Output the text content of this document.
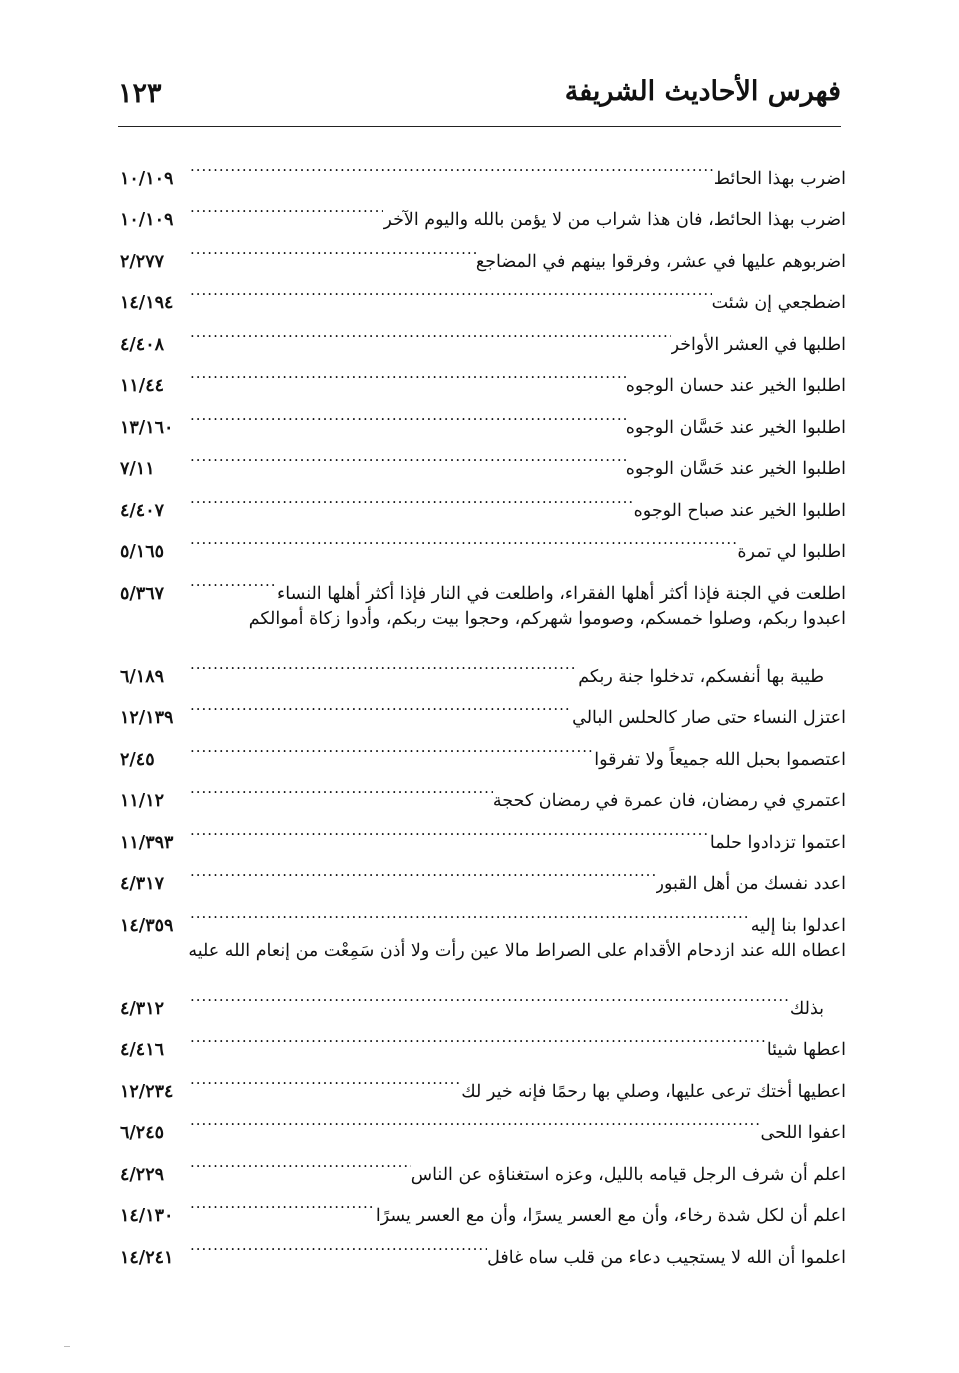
فهرس الأحاديث الشريفة
١٢٣
اضرب بهذا الحائط
.....
١٠/١٠٩
اضرب بهذا الحائط، فان هذا شراب من لا يؤمن بالله واليوم الآخر
.....
١٠/١٠٩
اضربوهم عليها في عشر، وفرقوا بينهم في المضاجع
.....
٢/٢٧٧
اضطجعي إن شئت
.....
١٤/١٩٤
اطلبها في العشر الأواخر
.....
٤/٤٠٨
اطلبوا الخير عند حسان الوجوه
.....
١١/٤٤
اطلبوا الخير عند حَسَّان الوجوه
.....
١٣/١٦٠
اطلبوا الخير عند حَسَّان الوجوه
.....
٧/١١
اطلبوا الخير عند صباح الوجوه
.....
٤/٤٠٧
اطلبوا لي تمرة
.....
٥/١٦٥
اطلعت في الجنة فإذا أكثر أهلها الفقراء، واطلعت في النار فإذا أكثر أهلها النساء
.....
٥/٣٦٧
اعبدوا ربكم، وصلوا خمسكم، وصوموا شهركم، وحجوا بيت ربكم، وأدوا زكاة أموالكم
طيبة بها أنفسكم، تدخلوا جنة ربكم
.....
٦/١٨٩
اعتزل النساء حتى صار كالحلس البالي
.....
١٢/١٣٩
اعتصموا بحبل الله جميعاً ولا تفرقوا
.....
٢/٤٥
اعتمري في رمضان، فان عمرة في رمضان كحجة
.....
١١/١٢
اعتموا تزدادوا حلما
.....
١١/٣٩٣
اعدد نفسك من أهل القبور
.....
٤/٣١٧
اعدلوا بنا إليه
.....
١٤/٣٥٩
اعطاه الله عند ازدحام الأقدام على الصراط مالا عين رأت ولا أذن سَمِعْت من إنعام الله عليه
بذلك
.....
٤/٣١٢
اعطها شيئا
.....
٤/٤١٦
اعطيها أختك ترعى عليها، وصلي بها رحمًا فإنه خير لك
.....
١٢/٢٣٤
اعفوا اللحى
.....
٦/٢٤٥
اعلم أن شرف الرجل قيامه بالليل، وعزه استغناؤه عن الناس
.....
٤/٢٢٩
اعلم أن لكل شدة رخاء، وأن مع العسر يسرًا، وأن مع العسر يسرًا
.....
١٤/١٣٠
اعلموا أن الله لا يستجيب دعاء من قلب ساه غافل
.....
١٤/٢٤١
